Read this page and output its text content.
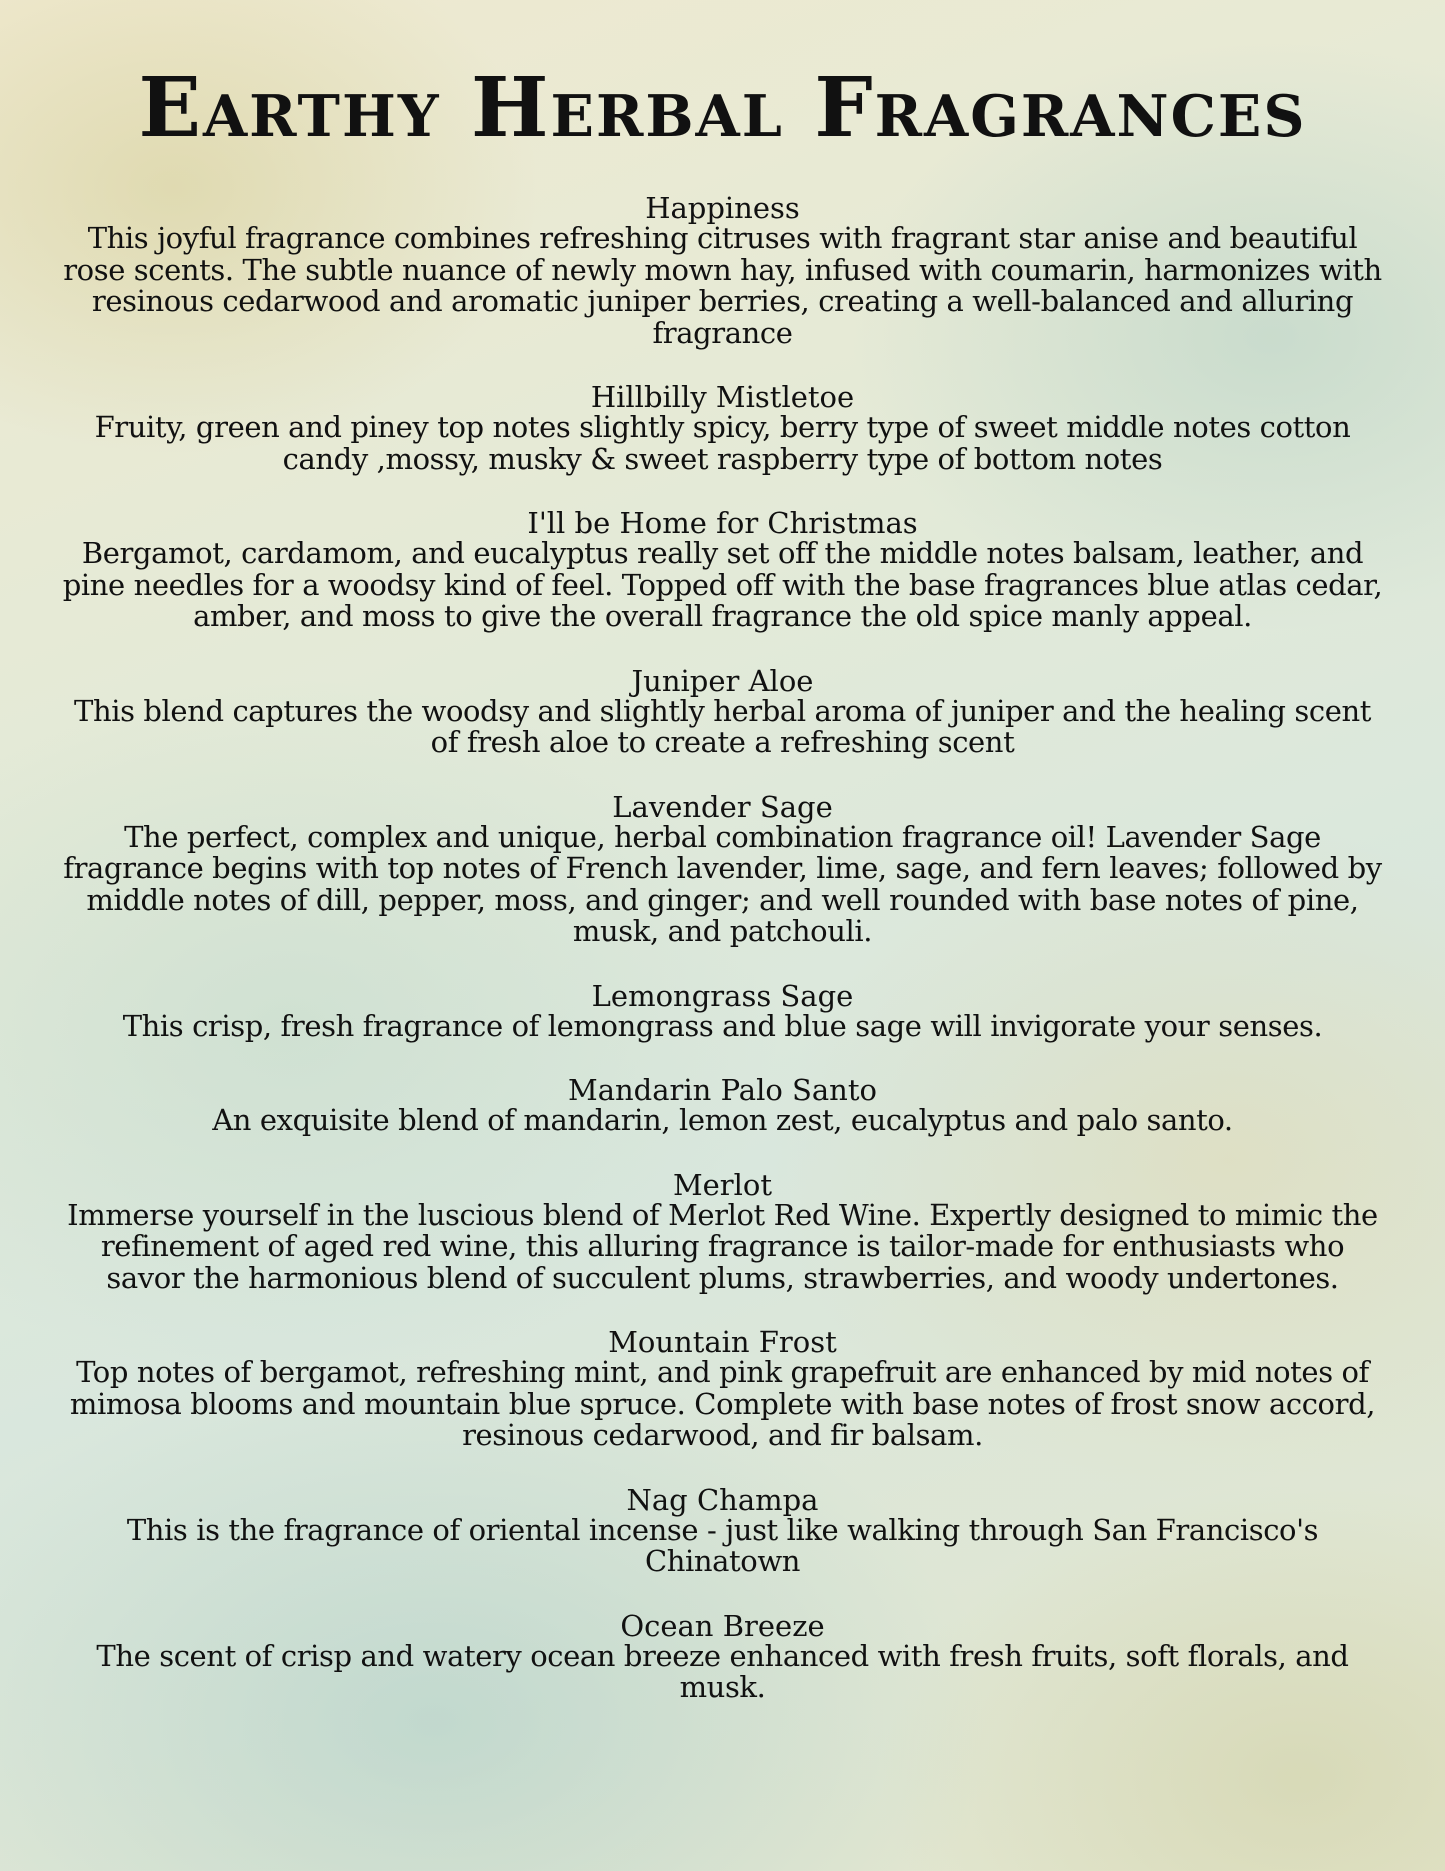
Earthy Herbal Fragrances

Happiness

This joyful fragrance combines refreshing citruses with fragrant star anise and beautiful rose scents. The subtle nuance of newly mown hay, infused with coumarin, harmonizes with resinous cedarwood and aromatic juniper berries, creating a well-balanced and alluring fragrance

Hillbilly Mistletoe

Fruity, green and piney top notes slightly spicy, berry type of sweet middle notes cotton candy ,mossy, musky & sweet raspberry type of bottom notes

I'll be Home for Christmas

Bergamot, cardamom, and eucalyptus really set off the middle notes balsam, leather, and pine needles for a woodsy kind of feel. Topped off with the base fragrances blue atlas cedar, amber, and moss to give the overall fragrance the old spice manly appeal.

Juniper Aloe

This blend captures the woodsy and slightly herbal aroma of juniper and the healing scent of fresh aloe to create a refreshing scent

Lavender Sage

The perfect, complex and unique, herbal combination fragrance oil! Lavender Sage fragrance begins with top notes of French lavender, lime, sage, and fern leaves; followed by middle notes of dill, pepper, moss, and ginger; and well rounded with base notes of pine, musk, and patchouli.

Lemongrass Sage

This crisp, fresh fragrance of lemongrass and blue sage will invigorate your senses.

Mandarin Palo Santo

An exquisite blend of mandarin, lemon zest, eucalyptus and palo santo.

Merlot

Immerse yourself in the luscious blend of Merlot Red Wine. Expertly designed to mimic the refinement of aged red wine, this alluring fragrance is tailor-made for enthusiasts who savor the harmonious blend of succulent plums, strawberries, and woody undertones.

Mountain Frost

Top notes of bergamot, refreshing mint, and pink grapefruit are enhanced by mid notes of mimosa blooms and mountain blue spruce. Complete with base notes of frost snow accord, resinous cedarwood, and fir balsam.

Nag Champa

This is the fragrance of oriental incense - just like walking through San Francisco's Chinatown

Ocean Breeze

The scent of crisp and watery ocean breeze enhanced with fresh fruits, soft florals, and musk.
